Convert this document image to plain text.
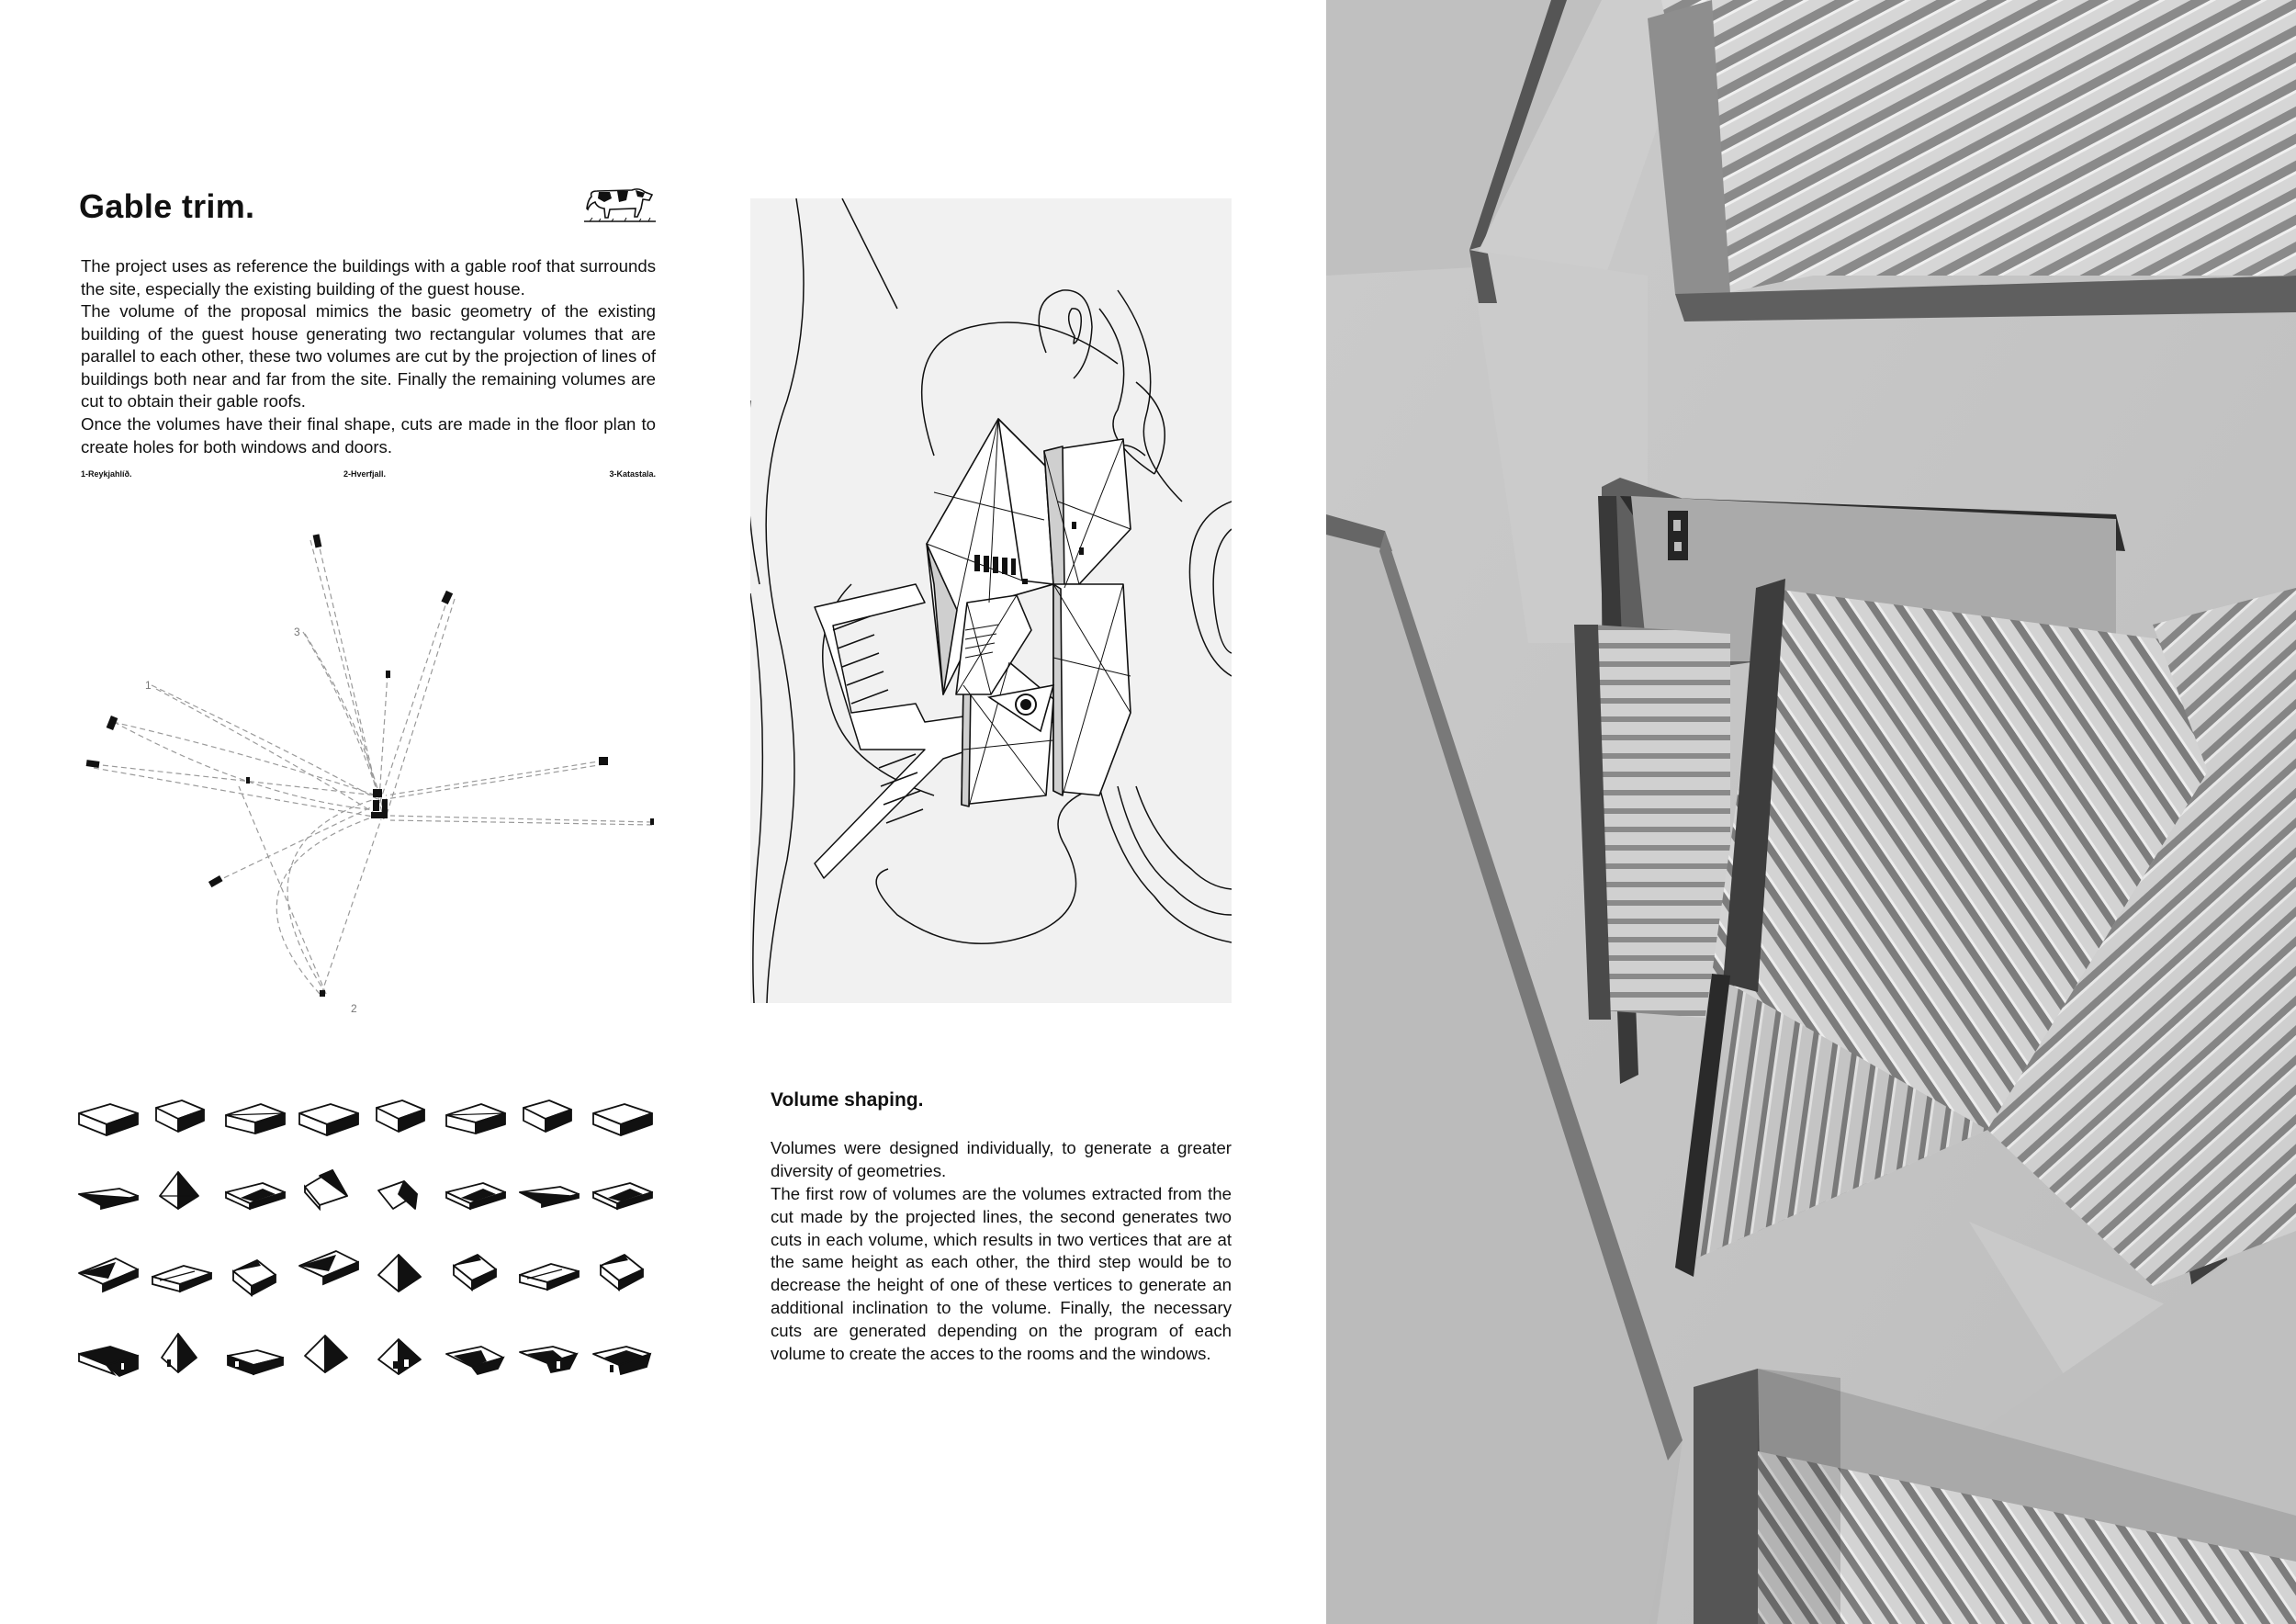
Gable trim.

The project uses as reference the buildings with a gable roof that surrounds the site, especially the existing building of the guest house.

The volume of the proposal mimics the basic geometry of the existing building of the guest house generating two rectangular volumes that are parallel to each other, these two volumes are cut by the projection of lines of buildings both near and far from the site. Finally the remaining volumes are cut to obtain their gable roofs.

Once the volumes have their final shape, cuts are made in the floor plan to create holes for both windows and doors.

1-Reykjahlíð.	2-Hverfjall.	3-Katastala.
3
1
2
Volume shaping.

Volumes were designed individually, to generate a greater diversity of geometries.

The first row of volumes are the volumes extracted from the cut made by the projected lines, the second generates two cuts in each volume, which results in two vertices that are at the same height as each other, the third step would be to decrease the height of one of these vertices to generate an additional inclination to the volume. Finally, the necessary cuts are generated depending on the program of each volume to create the acces to the rooms and the windows.
